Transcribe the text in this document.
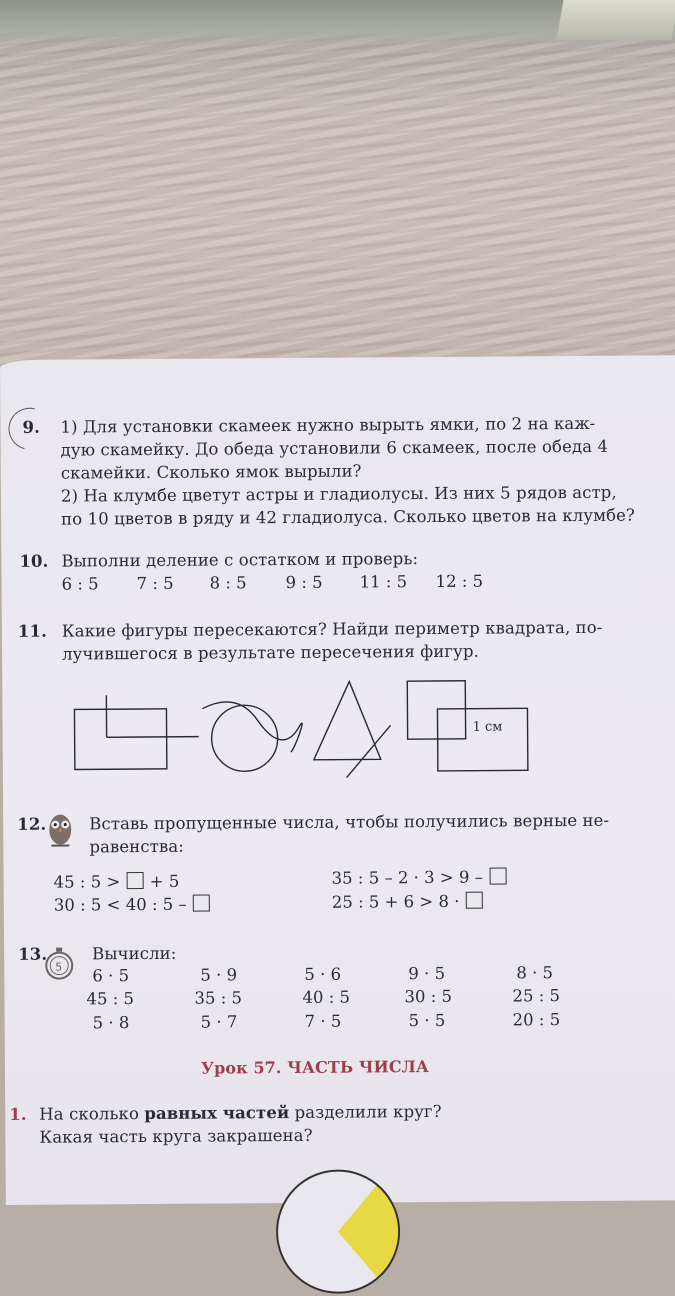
9. 1) Для установки скамеек нужно вырыть ямки, по 2 на каж-
дую скамейку. До обеда установили 6 скамеек, после обеда 4
скамейки. Сколько ямок вырыли?
2) На клумбе цветут астры и гладиолусы. Из них 5 рядов астр,
по 10 цветов в ряду и 42 гладиолуса. Сколько цветов на клумбе?
10. Выполни деление с остатком и проверь:
6 : 5 7 : 5 8 : 5 9 : 5 11 : 5 12 : 5
11. Какие фигуры пересекаются? Найди периметр квадрата, по-
лучившегося в результате пересечения фигур.
1 см
12.	Вставь пропущенные числа, чтобы получились верные не-
равенства:
45 : 5 > + 5
30 : 5 < 40 : 5 –
35 : 5 – 2 · 3 > 9 –
25 : 5 + 6 > 8 ·
13.
5
Вычисли:
6 · 5
45 : 5
5 · 8
5 · 9
35 : 5
5 · 7
5 · 6
40 : 5
7 · 5
9 · 5
30 : 5
5 · 5
8 · 5
25 : 5
20 : 5
Урок 57. ЧАСТЬ ЧИСЛА
1. На сколько равных частей разделили круг?
Какая часть круга закрашена?
